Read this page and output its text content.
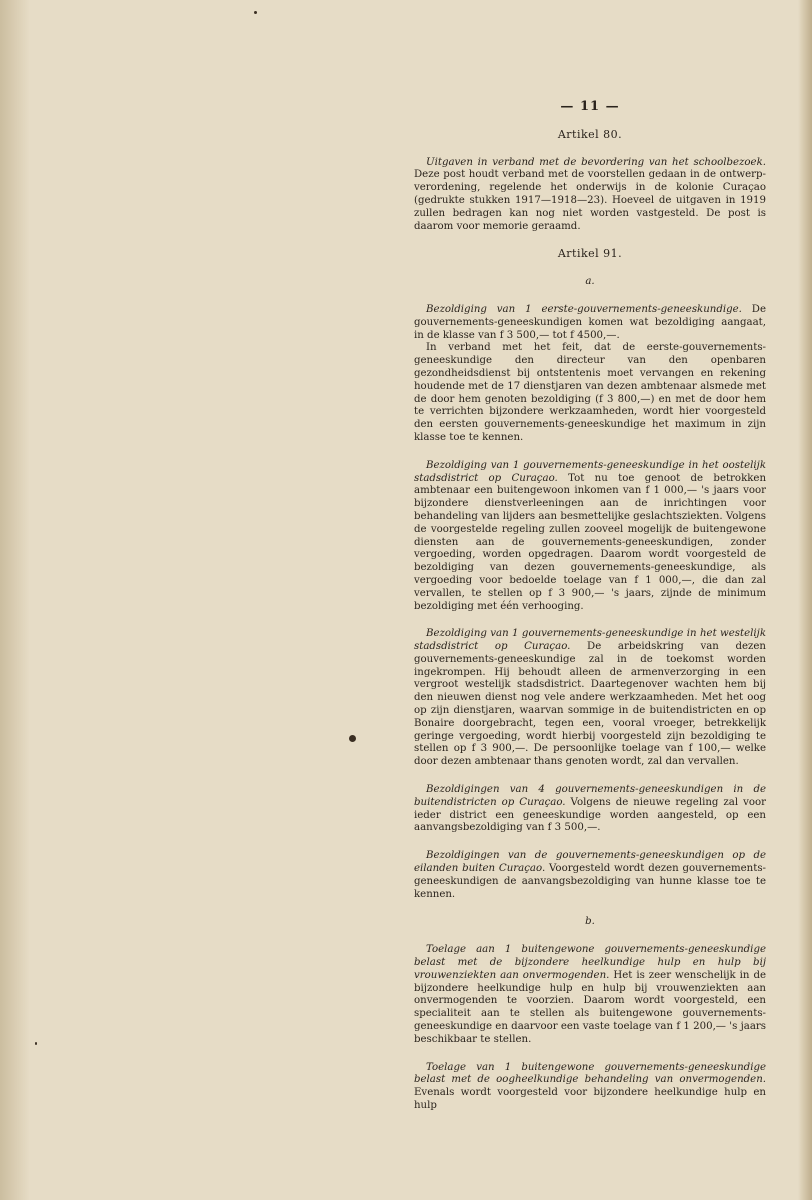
— 11 —
Artikel 80.

Uitgaven in verband met de bevordering van het schoolbezoek. Deze post houdt verband met de voorstellen gedaan in de ontwerp-verordening, regelende het onderwijs in de kolonie Curaçao (gedrukte stukken 1917—1918—23). Hoeveel de uitgaven in 1919 zullen bedragen kan nog niet worden vastgesteld. De post is daarom voor memorie geraamd.

Artikel 91.
a.

Bezoldiging van 1 eerste-gouvernements-geneeskundige. De gouvernements-geneeskundigen komen wat bezoldiging aangaat, in de klasse van f 3 500,— tot f 4500,—.

In verband met het feit, dat de eerste-gouvernements-geneeskundige den directeur van den openbaren gezondheidsdienst bij ontstentenis moet vervangen en rekening houdende met de 17 dienstjaren van dezen ambtenaar alsmede met de door hem genoten bezoldiging (f 3 800,—) en met de door hem te verrichten bijzondere werkzaamheden, wordt hier voorgesteld den eersten gouvernements-geneeskundige het maximum in zijn klasse toe te kennen.

Bezoldiging van 1 gouvernements-geneeskundige in het oostelijk stadsdistrict op Curaçao. Tot nu toe genoot de betrokken ambtenaar een buitengewoon inkomen van f 1 000,— 's jaars voor bijzondere dienstverleeningen aan de inrichtingen voor behandeling van lijders aan besmettelijke geslachtsziekten. Volgens de voorgestelde regeling zullen zooveel mogelijk de buitengewone diensten aan de gouvernements-geneeskundigen, zonder vergoeding, worden opgedragen. Daarom wordt voorgesteld de bezoldiging van dezen gouvernements-geneeskundige, als vergoeding voor bedoelde toelage van f 1 000,—, die dan zal vervallen, te stellen op f 3 900,— 's jaars, zijnde de minimum bezoldiging met één verhooging.

Bezoldiging van 1 gouvernements-geneeskundige in het westelijk stadsdistrict op Curaçao. De arbeidskring van dezen gouvernements-geneeskundige zal in de toekomst worden ingekrompen. Hij behoudt alleen de armenverzorging in een vergroot westelijk stadsdistrict. Daartegenover wachten hem bij den nieuwen dienst nog vele andere werkzaamheden. Met het oog op zijn dienstjaren, waarvan sommige in de buitendistricten en op Bonaire doorgebracht, tegen een, vooral vroeger, betrekkelijk geringe vergoeding, wordt hierbij voorgesteld zijn bezoldiging te stellen op f 3 900,—. De persoonlijke toelage van f 100,— welke door dezen ambtenaar thans genoten wordt, zal dan vervallen.

Bezoldigingen van 4 gouvernements-geneeskundigen in de buitendistricten op Curaçao. Volgens de nieuwe regeling zal voor ieder district een geneeskundige worden aangesteld, op een aanvangsbezoldiging van f 3 500,—.

Bezoldigingen van de gouvernements-geneeskundigen op de eilanden buiten Curaçao. Voorgesteld wordt dezen gouvernements-geneeskundigen de aanvangsbezoldiging van hunne klasse toe te kennen.

b.

Toelage aan 1 buitengewone gouvernements-geneeskundige belast met de bijzondere heelkundige hulp en hulp bij vrouwenziekten aan onvermogenden. Het is zeer wenschelijk in de bijzondere heelkundige hulp en hulp bij vrouwenziekten aan onvermogenden te voorzien. Daarom wordt voorgesteld, een specialiteit aan te stellen als buitengewone gouvernements-geneeskundige en daarvoor een vaste toelage van f 1 200,— 's jaars beschikbaar te stellen.

Toelage van 1 buitengewone gouvernements-geneeskundige belast met de oogheelkundige behandeling van onvermogenden. Evenals wordt voorgesteld voor bijzondere heelkundige hulp en hulp
